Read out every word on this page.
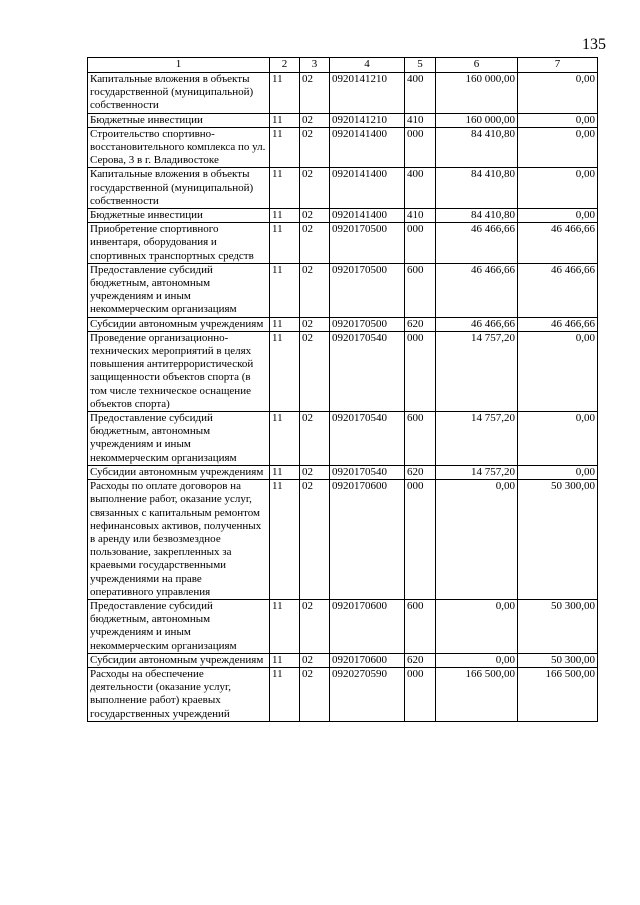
135
1	2	3	4	5	6	7
Капитальные вложения в объекты государственной (муниципальной) собственности	11	02	0920141210	400	160 000,00	0,00
Бюджетные инвестиции	11	02	0920141210	410	160 000,00	0,00
Строительство спортивно-восстановительного комплекса по ул. Серова, 3 в г. Владивостоке	11	02	0920141400	000	84 410,80	0,00
Капитальные вложения в объекты государственной (муниципальной) собственности	11	02	0920141400	400	84 410,80	0,00
Бюджетные инвестиции	11	02	0920141400	410	84 410,80	0,00
Приобретение спортивного инвентаря, оборудования и спортивных транспортных средств	11	02	0920170500	000	46 466,66	46 466,66
Предоставление субсидий бюджетным, автономным учреждениям и иным некоммерческим организациям	11	02	0920170500	600	46 466,66	46 466,66
Субсидии автономным учреждениям	11	02	0920170500	620	46 466,66	46 466,66
Проведение организационно-технических мероприятий в целях повышения антитеррористической защищенности объектов спорта (в том числе техническое оснащение объектов спорта)	11	02	0920170540	000	14 757,20	0,00
Предоставление субсидий бюджетным, автономным учреждениям и иным некоммерческим организациям	11	02	0920170540	600	14 757,20	0,00
Субсидии автономным учреждениям	11	02	0920170540	620	14 757,20	0,00
Расходы по оплате договоров на выполнение работ, оказание услуг, связанных с капитальным ремонтом нефинансовых активов, полученных в аренду или безвозмездное пользование, закрепленных за краевыми государственными учреждениями на праве оперативного управления	11	02	0920170600	000	0,00	50 300,00
Предоставление субсидий бюджетным, автономным учреждениям и иным некоммерческим организациям	11	02	0920170600	600	0,00	50 300,00
Субсидии автономным учреждениям	11	02	0920170600	620	0,00	50 300,00
Расходы на обеспечение деятельности (оказание услуг, выполнение работ) краевых государственных учреждений	11	02	0920270590	000	166 500,00	166 500,00
